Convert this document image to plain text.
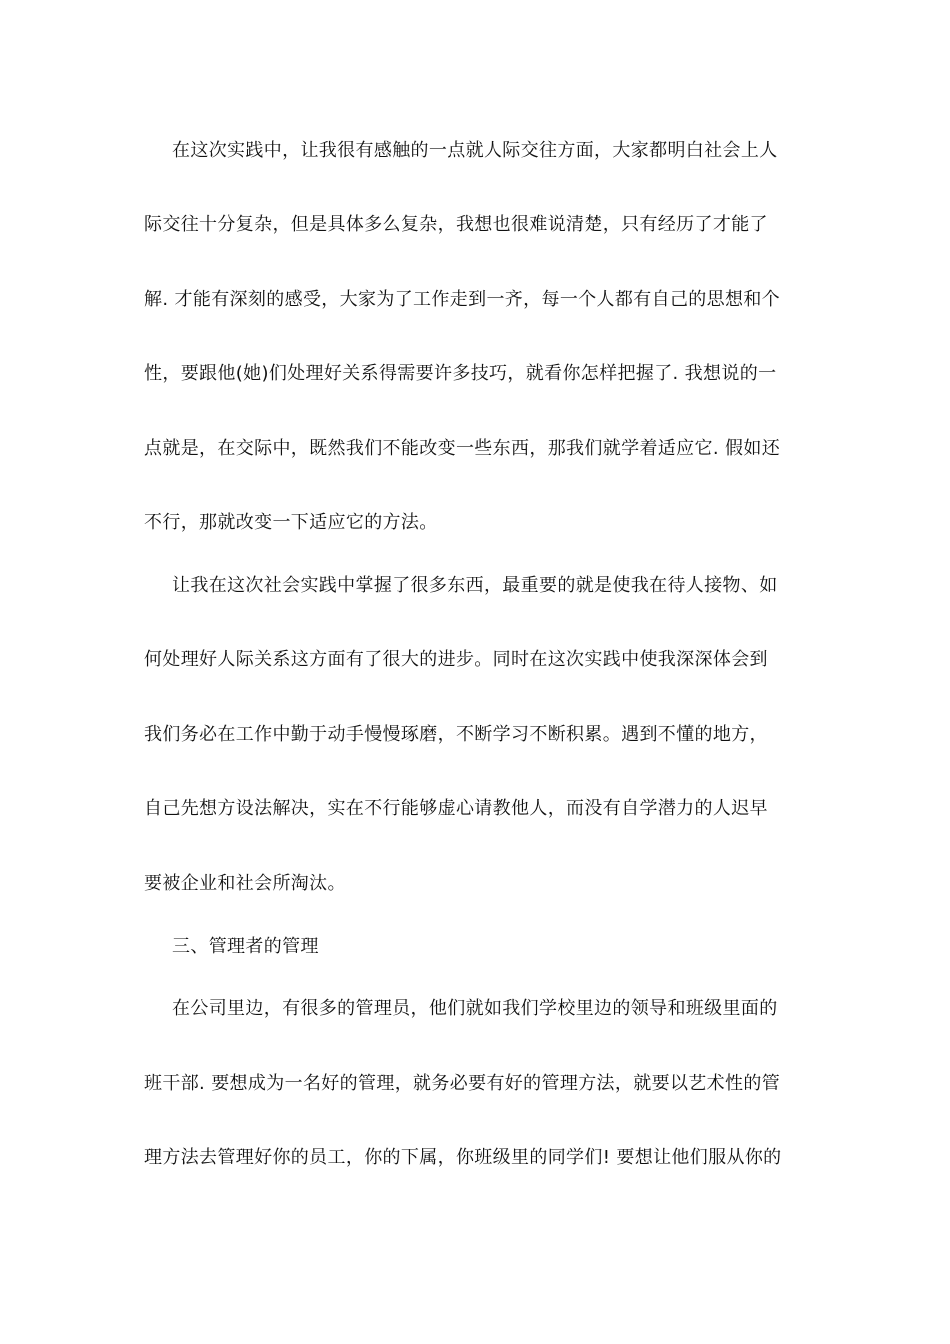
在这次实践中，让我很有感触的一点就人际交往方面，大家都明白社会上人
际交往十分复杂，但是具体多么复杂，我想也很难说清楚，只有经历了才能了
解. 才能有深刻的感受，大家为了工作走到一齐，每一个人都有自己的思想和个
性，要跟他(她)们处理好关系得需要许多技巧，就看你怎样把握了. 我想说的一
点就是，在交际中，既然我们不能改变一些东西，那我们就学着适应它. 假如还
不行，那就改变一下适应它的方法。
让我在这次社会实践中掌握了很多东西，最重要的就是使我在待人接物、如
何处理好人际关系这方面有了很大的进步。同时在这次实践中使我深深体会到
我们务必在工作中勤于动手慢慢琢磨，不断学习不断积累。遇到不懂的地方，
自己先想方设法解决，实在不行能够虚心请教他人，而没有自学潜力的人迟早
要被企业和社会所淘汰。
三、管理者的管理
在公司里边，有很多的管理员，他们就如我们学校里边的领导和班级里面的
班干部. 要想成为一名好的管理，就务必要有好的管理方法，就要以艺术性的管
理方法去管理好你的员工，你的下属，你班级里的同学们! 要想让他们服从你的
